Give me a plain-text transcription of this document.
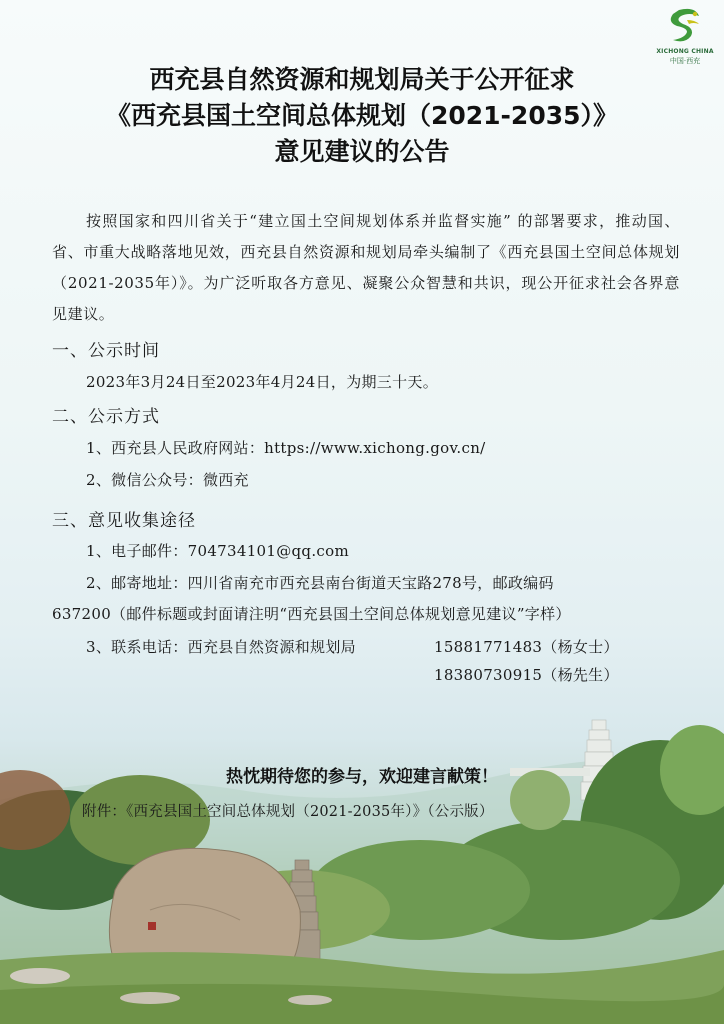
XICHONG CHINA
中国·西充
西充县自然资源和规划局关于公开征求
《西充县国土空间总体规划（2021-2035）》
意见建议的公告
按照国家和四川省关于“建立国土空间规划体系并监督实施” 的部署要求，推动国、省、市重大战略落地见效，西充县自然资源和规划局牵头编制了《西充县国土空间总体规划（2021-2035年）》。为广泛听取各方意见、凝聚公众智慧和共识，现公开征求社会各界意见建议。
一、公示时间
2023年3月24日至2023年4月24日，为期三十天。
二、公示方式
1、西充县人民政府网站：https://www.xichong.gov.cn/
2、微信公众号：微西充
三、意见收集途径
1、电子邮件：704734101@qq.com
2、邮寄地址：四川省南充市西充县南台街道天宝路278号，邮政编码
637200（邮件标题或封面请注明“西充县国土空间总体规划意见建议”字样）
3、联系电话：西充县自然资源和规划局	15881771483（杨女士）
18380730915（杨先生）
热忱期待您的参与，欢迎建言献策！
附件：《西充县国土空间总体规划（2021-2035年）》（公示版）
